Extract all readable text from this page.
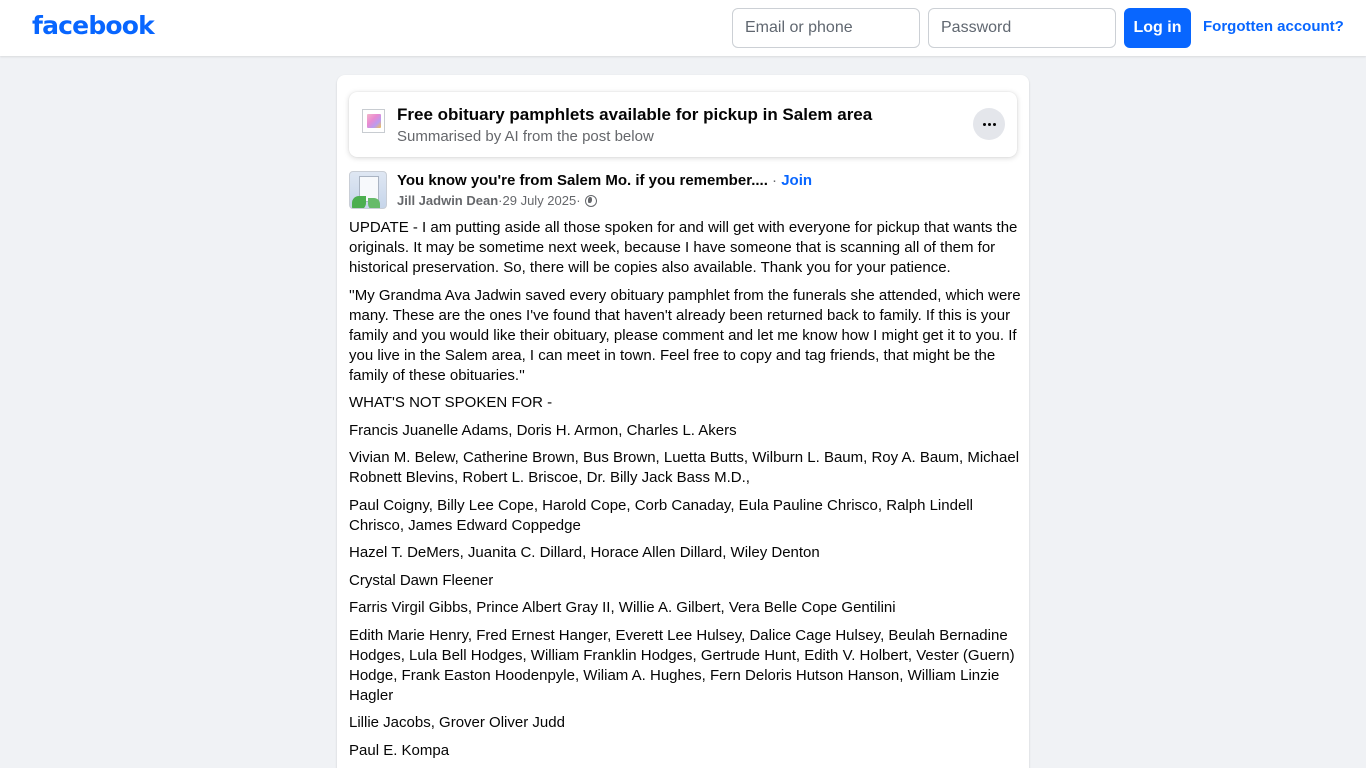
facebook
Email or phone	Log in	Forgotten account?
Free obituary pamphlets available for pickup in Salem area
Summarised by AI from the post below
You know you're from Salem Mo. if you remember.... · Join
Jill Jadwin Dean · 29 July 2025 ·

UPDATE - I am putting aside all those spoken for and will get with everyone for pickup that wants the originals. It may be sometime next week, because I have someone that is scanning all of them for historical preservation. So, there will be copies also available. Thank you for your patience.

''My Grandma Ava Jadwin saved every obituary pamphlet from the funerals she attended, which were many. These are the ones I've found that haven't already been returned back to family. If this is your family and you would like their obituary, please comment and let me know how I might get it to you. If you live in the Salem area, I can meet in town. Feel free to copy and tag friends, that might be the family of these obituaries.''

WHAT'S NOT SPOKEN FOR -

Francis Juanelle Adams, Doris H. Armon, Charles L. Akers

Vivian M. Belew, Catherine Brown, Bus Brown, Luetta Butts, Wilburn L. Baum, Roy A. Baum, Michael Robnett Blevins, Robert L. Briscoe, Dr. Billy Jack Bass M.D.,

Paul Coigny, Billy Lee Cope, Harold Cope, Corb Canaday, Eula Pauline Chrisco, Ralph Lindell Chrisco, James Edward Coppedge

Hazel T. DeMers, Juanita C. Dillard, Horace Allen Dillard, Wiley Denton

Crystal Dawn Fleener

Farris Virgil Gibbs, Prince Albert Gray II, Willie A. Gilbert, Vera Belle Cope Gentilini

Edith Marie Henry, Fred Ernest Hanger, Everett Lee Hulsey, Dalice Cage Hulsey, Beulah Bernadine Hodges, Lula Bell Hodges, William Franklin Hodges, Gertrude Hunt, Edith V. Holbert, Vester (Guern) Hodge, Frank Easton Hoodenpyle, Wiliam A. Hughes, Fern Deloris Hutson Hanson, William Linzie Hagler

Lillie Jacobs, Grover Oliver Judd

Paul E. Kompa
